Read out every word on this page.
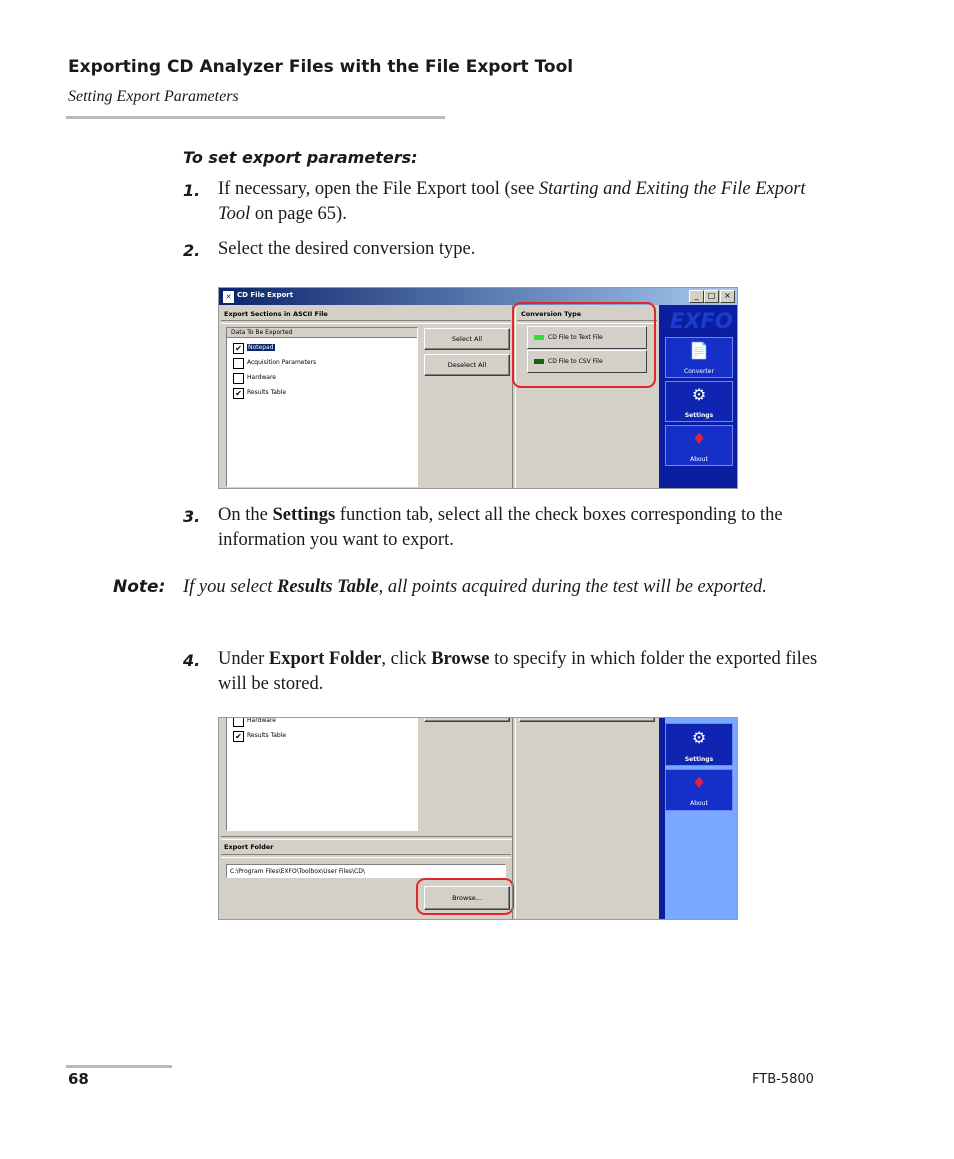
Exporting CD Analyzer Files with the File Export Tool
Setting Export Parameters
To set export parameters:
1. If necessary, open the File Export tool (see Starting and Exiting the File Export Tool on page 65).
2. Select the desired conversion type.
✕ CD File Export	_	□	×
Export Sections in ASCII File
Data To Be Exported
✔ Notepad
Acquisition Parameters
Hardware
✔ Results Table
Select All
Deselect All
Conversion Type
CD File to Text File
CD File to CSV File
EXFO
📄
Converter
⚙
Settings
♦
About
3. On the Settings function tab, select all the check boxes corresponding to the information you want to export.
Note: If you select Results Table, all points acquired during the test will be exported.
4. Under Export Folder, click Browse to specify in which folder the exported files will be stored.
Hardware
✔ Results Table
Export Folder
C:\Program Files\EXFO\Toolbox\User Files\CD\
Browse...
⚙
Settings
♦
About
68	FTB-5800
